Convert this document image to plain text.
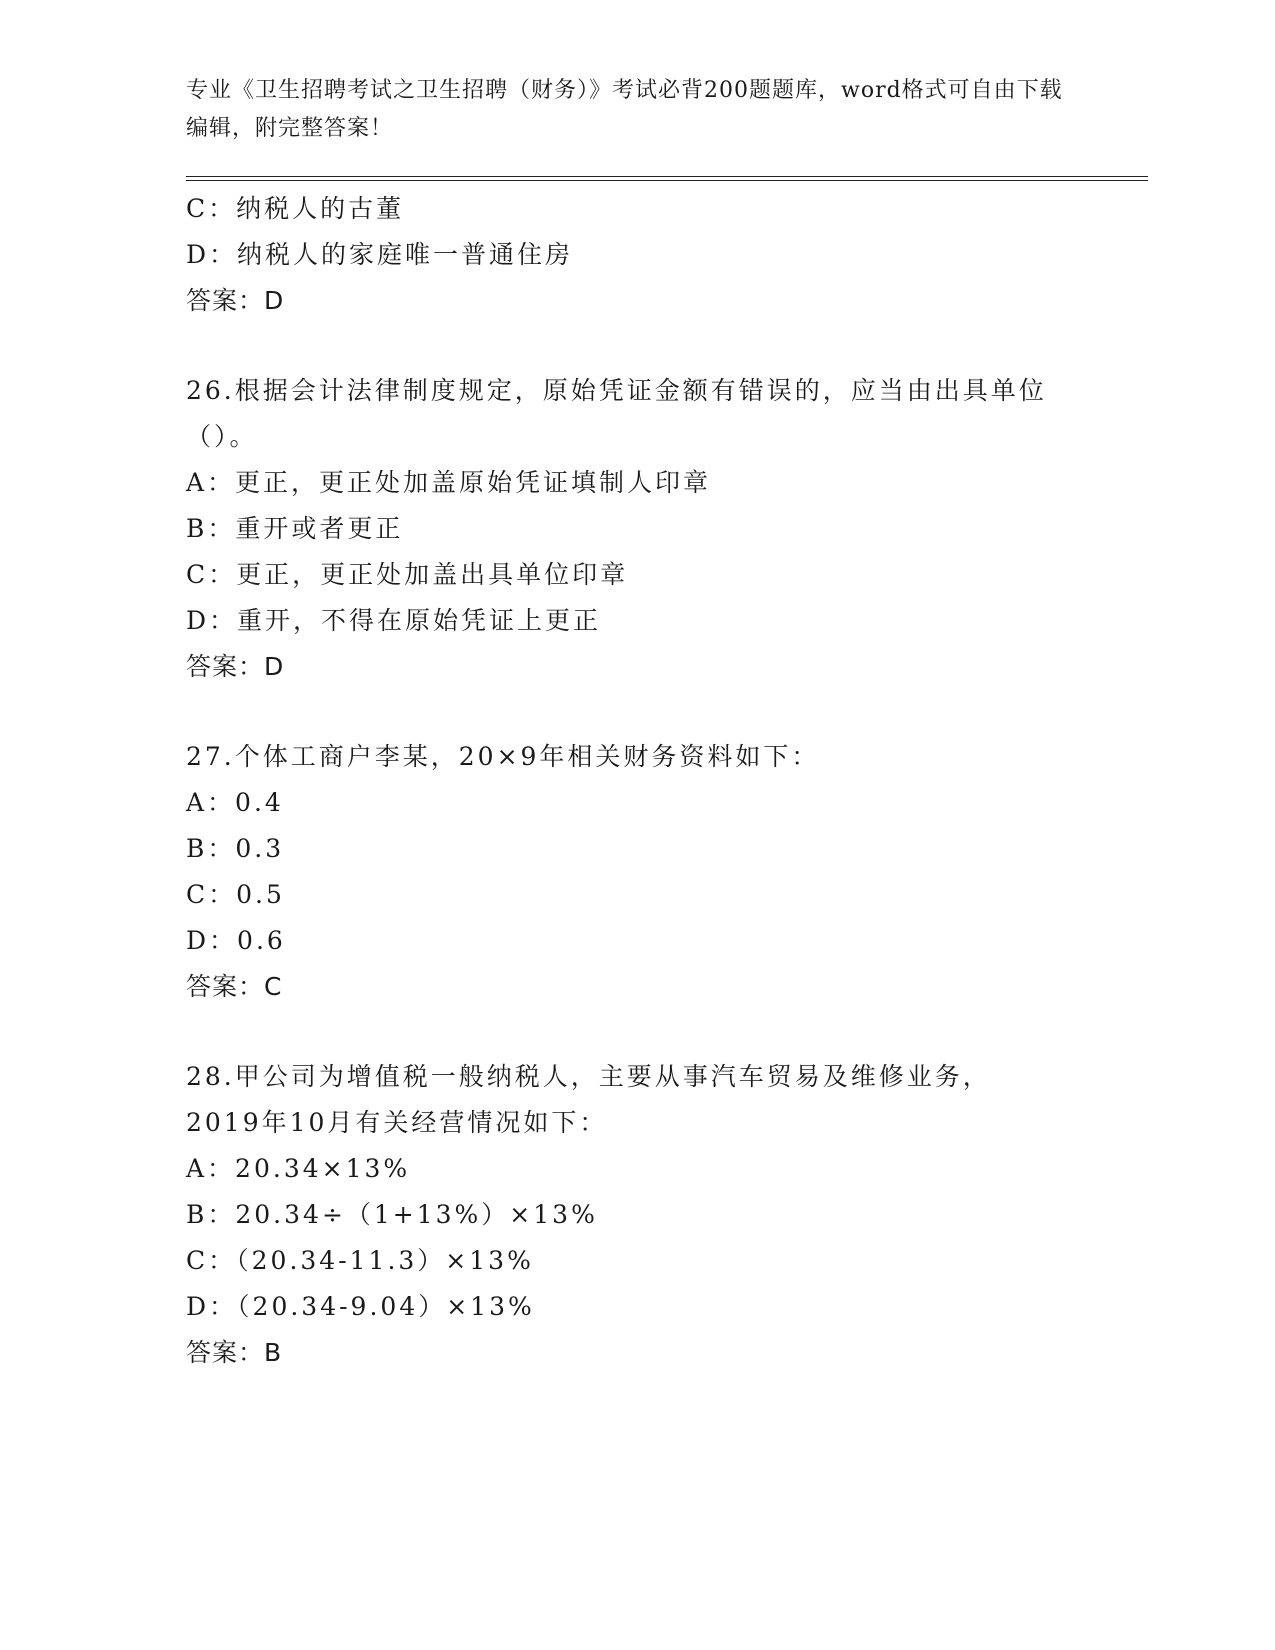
专业《卫生招聘考试之卫生招聘（财务）》考试必背200题题库，word格式可自由下载编辑，附完整答案！
C：纳税人的古董
D：纳税人的家庭唯一普通住房
答案：D
26.根据会计法律制度规定，原始凭证金额有错误的，应当由出具单位（）。
A：更正，更正处加盖原始凭证填制人印章
B：重开或者更正
C：更正，更正处加盖出具单位印章
D：重开，不得在原始凭证上更正
答案：D
27.个体工商户李某，20×9年相关财务资料如下：
A：0.4
B：0.3
C：0.5
D：0.6
答案：C
28.甲公司为增值税一般纳税人，主要从事汽车贸易及维修业务，2019年10月有关经营情况如下：
A：20.34×13%
B：20.34÷（1+13%）×13%
C：（20.34-11.3）×13%
D：（20.34-9.04）×13%
答案：B
